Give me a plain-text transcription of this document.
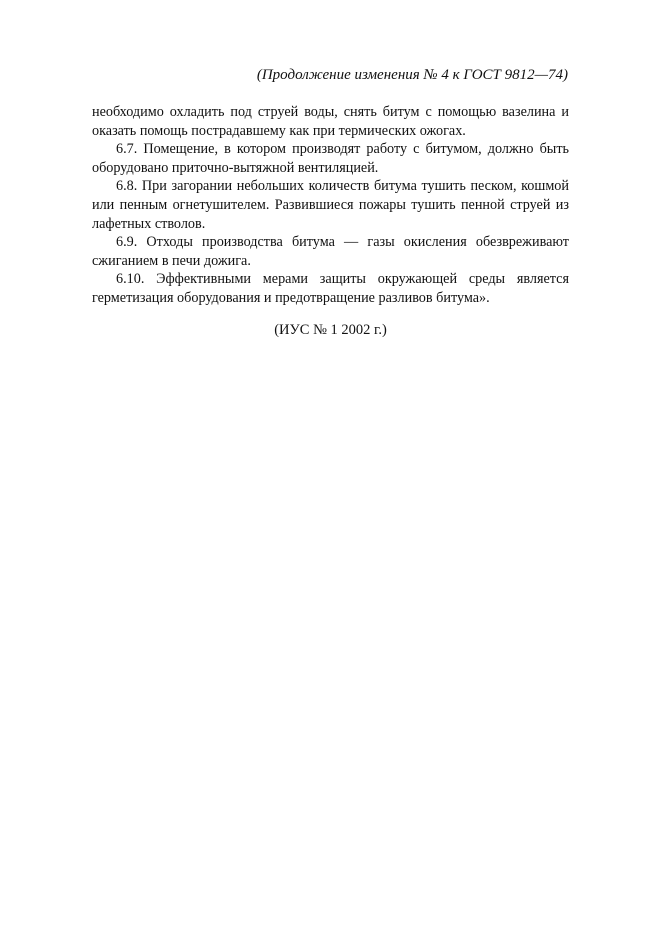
(Продолжение изменения № 4 к ГОСТ 9812—74)

необходимо охладить под струей воды, снять битум с помощью вазелина и оказать помощь пострадавшему как при термических ожогах.

6.7. Помещение, в котором производят работу с битумом, должно быть оборудовано приточно-вытяжной вентиляцией.

6.8. При загорании небольших количеств битума тушить песком, кошмой или пенным огнетушителем. Развившиеся пожары тушить пенной струей из лафетных стволов.

6.9. Отходы производства битума — газы окисления обезвреживают сжиганием в печи дожига.

6.10. Эффективными мерами защиты окружающей среды является герметизация оборудования и предотвращение разливов битума».

(ИУС № 1 2002 г.)
